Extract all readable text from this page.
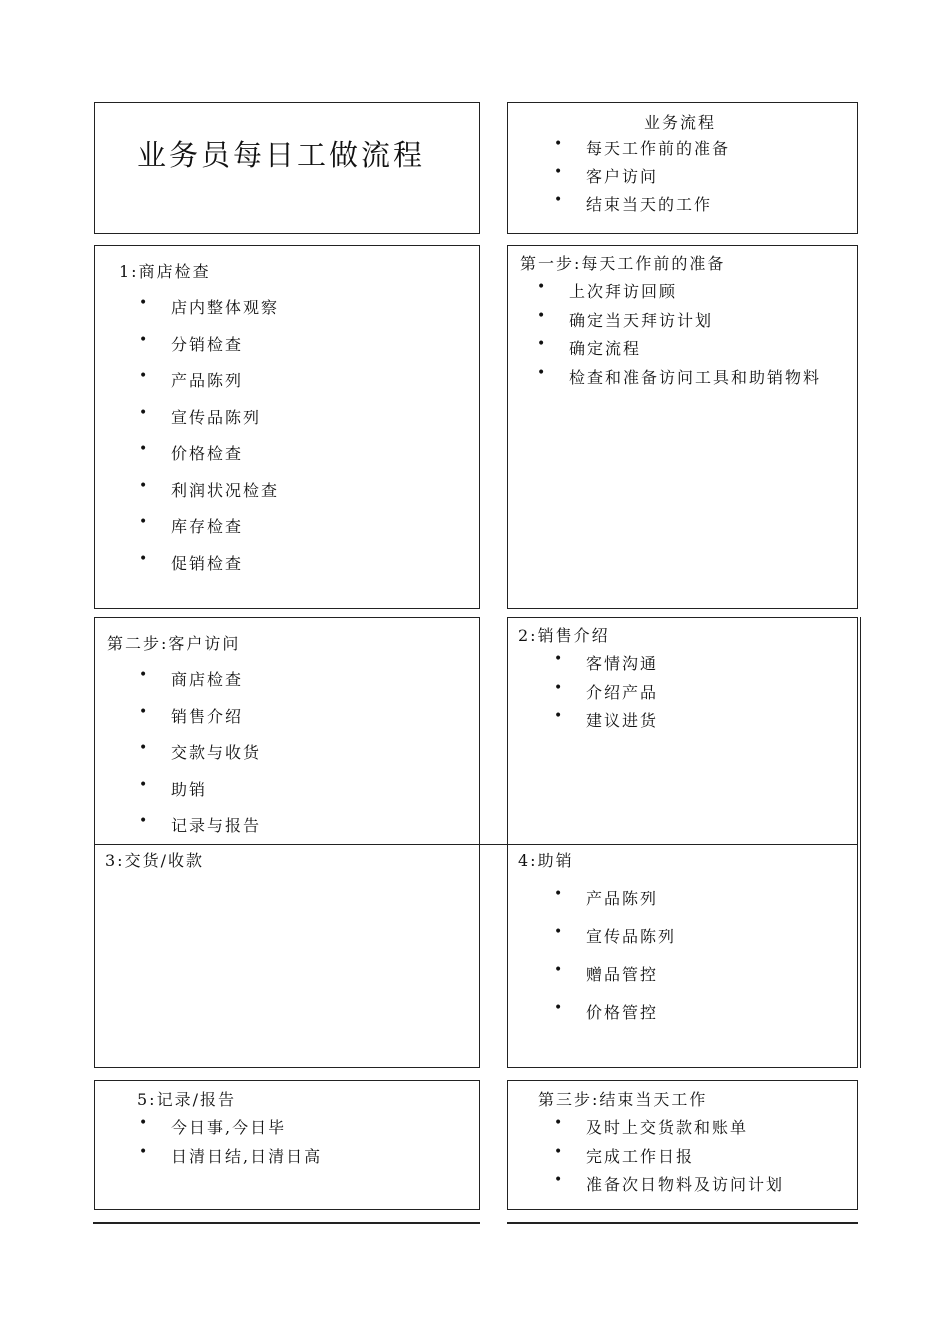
业务员每日工做流程
业务流程
• 每天工作前的准备
• 客户访问
• 结束当天的工作
1:商店检查
• 店内整体观察
• 分销检查
• 产品陈列
• 宣传品陈列
• 价格检查
• 利润状况检查
• 库存检查
• 促销检查
第一步:每天工作前的准备
• 上次拜访回顾
• 确定当天拜访计划
• 确定流程
• 检查和准备访问工具和助销物料
第二步:客户访问
• 商店检查
• 销售介绍
• 交款与收货
• 助销
• 记录与报告
2:销售介绍
• 客情沟通
• 介绍产品
• 建议进货
3:交货/收款	4:助销
• 产品陈列
• 宣传品陈列
• 赠品管控
• 价格管控
5:记录/报告
• 今日事,今日毕
• 日清日结,日清日高
第三步:结束当天工作
• 及时上交货款和账单
• 完成工作日报
• 准备次日物料及访问计划
